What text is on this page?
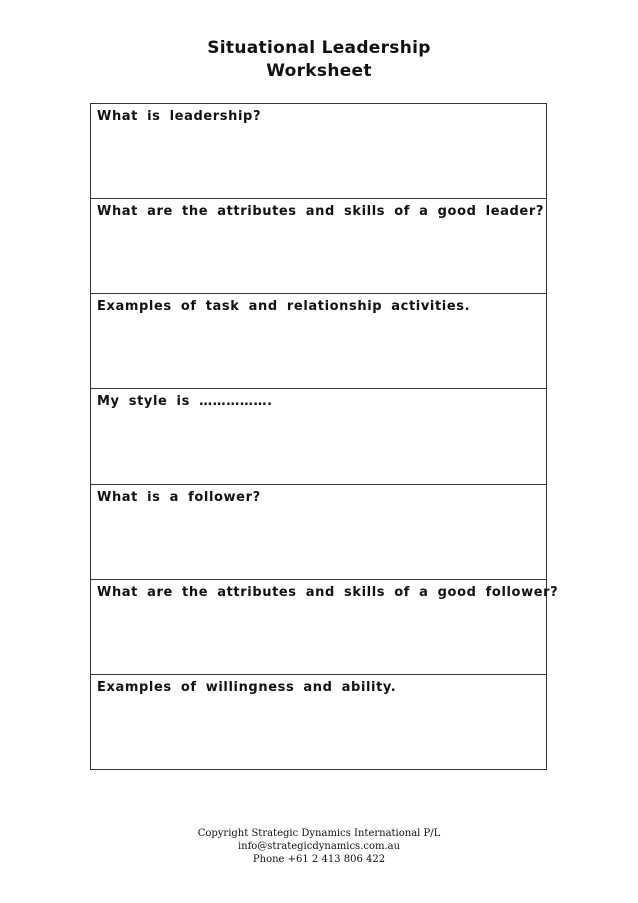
Situational Leadership
Worksheet
What is leadership?
What are the attributes and skills of a good leader?
Examples of task and relationship activities.
My style is …………….
What is a follower?
What are the attributes and skills of a good follower?
Examples of willingness and ability.
Copyright Strategic Dynamics International P/L
info@strategicdynamics.com.au
Phone +61 2 413 806 422
